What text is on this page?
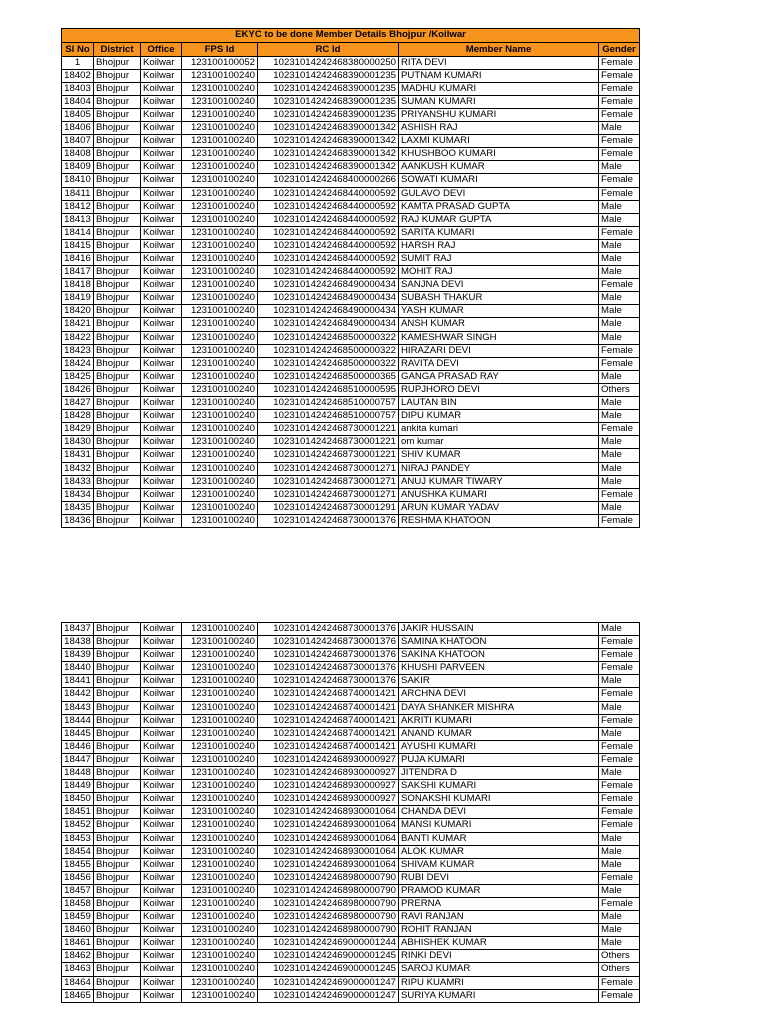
EKYC to be done Member Details Bhojpur /Koilwar						
Sl No	District	Office	FPS Id	RC Id	Member Name	Gender
1	Bhojpur	Koilwar	123100100052	10231014242468380000250	RITA DEVI	Female
18402	Bhojpur	Koilwar	123100100240	10231014242468390001235	PUTNAM KUMARI	Female
18403	Bhojpur	Koilwar	123100100240	10231014242468390001235	MADHU KUMARI	Female
18404	Bhojpur	Koilwar	123100100240	10231014242468390001235	SUMAN KUMARI	Female
18405	Bhojpur	Koilwar	123100100240	10231014242468390001235	PRIYANSHU KUMARI	Female
18406	Bhojpur	Koilwar	123100100240	10231014242468390001342	ASHISH RAJ	Male
18407	Bhojpur	Koilwar	123100100240	10231014242468390001342	LAXMI KUMARI	Female
18408	Bhojpur	Koilwar	123100100240	10231014242468390001342	KHUSHBOO KUMARI	Female
18409	Bhojpur	Koilwar	123100100240	10231014242468390001342	AANKUSH KUMAR	Male
18410	Bhojpur	Koilwar	123100100240	10231014242468400000266	SOWATI KUMARI	Female
18411	Bhojpur	Koilwar	123100100240	10231014242468440000592	GULAVO DEVI	Female
18412	Bhojpur	Koilwar	123100100240	10231014242468440000592	KAMTA PRASAD GUPTA	Male
18413	Bhojpur	Koilwar	123100100240	10231014242468440000592	RAJ KUMAR GUPTA	Male
18414	Bhojpur	Koilwar	123100100240	10231014242468440000592	SARITA KUMARI	Female
18415	Bhojpur	Koilwar	123100100240	10231014242468440000592	HARSH RAJ	Male
18416	Bhojpur	Koilwar	123100100240	10231014242468440000592	SUMIT RAJ	Male
18417	Bhojpur	Koilwar	123100100240	10231014242468440000592	MOHIT RAJ	Male
18418	Bhojpur	Koilwar	123100100240	10231014242468490000434	SANJNA DEVI	Female
18419	Bhojpur	Koilwar	123100100240	10231014242468490000434	SUBASH THAKUR	Male
18420	Bhojpur	Koilwar	123100100240	10231014242468490000434	YASH KUMAR	Male
18421	Bhojpur	Koilwar	123100100240	10231014242468490000434	ANSH KUMAR	Male
18422	Bhojpur	Koilwar	123100100240	10231014242468500000322	KAMESHWAR SINGH	Male
18423	Bhojpur	Koilwar	123100100240	10231014242468500000322	HIRAZARI DEVI	Female
18424	Bhojpur	Koilwar	123100100240	10231014242468500000322	RAVITA DEVI	Female
18425	Bhojpur	Koilwar	123100100240	10231014242468500000365	GANGA PRASAD RAY	Male
18426	Bhojpur	Koilwar	123100100240	10231014242468510000595	RUPJHORO DEVI	Others
18427	Bhojpur	Koilwar	123100100240	10231014242468510000757	LAUTAN BIN	Male
18428	Bhojpur	Koilwar	123100100240	10231014242468510000757	DIPU KUMAR	Male
18429	Bhojpur	Koilwar	123100100240	10231014242468730001221	ankita kumari	Female
18430	Bhojpur	Koilwar	123100100240	10231014242468730001221	om kumar	Male
18431	Bhojpur	Koilwar	123100100240	10231014242468730001221	SHIV KUMAR	Male
18432	Bhojpur	Koilwar	123100100240	10231014242468730001271	NIRAJ PANDEY	Male
18433	Bhojpur	Koilwar	123100100240	10231014242468730001271	ANUJ KUMAR TIWARY	Male
18434	Bhojpur	Koilwar	123100100240	10231014242468730001271	ANUSHKA KUMARI	Female
18435	Bhojpur	Koilwar	123100100240	10231014242468730001291	ARUN KUMAR YADAV	Male
18436	Bhojpur	Koilwar	123100100240	10231014242468730001376	RESHMA KHATOON	Female
18437	Bhojpur	Koilwar	123100100240	10231014242468730001376	JAKIR HUSSAIN	Male
18438	Bhojpur	Koilwar	123100100240	10231014242468730001376	SAMINA KHATOON	Female
18439	Bhojpur	Koilwar	123100100240	10231014242468730001376	SAKINA KHATOON	Female
18440	Bhojpur	Koilwar	123100100240	10231014242468730001376	KHUSHI PARVEEN	Female
18441	Bhojpur	Koilwar	123100100240	10231014242468730001376	SAKIR	Male
18442	Bhojpur	Koilwar	123100100240	10231014242468740001421	ARCHNA DEVI	Female
18443	Bhojpur	Koilwar	123100100240	10231014242468740001421	DAYA SHANKER MISHRA	Male
18444	Bhojpur	Koilwar	123100100240	10231014242468740001421	AKRITI KUMARI	Female
18445	Bhojpur	Koilwar	123100100240	10231014242468740001421	ANAND KUMAR	Male
18446	Bhojpur	Koilwar	123100100240	10231014242468740001421	AYUSHI KUMARI	Female
18447	Bhojpur	Koilwar	123100100240	10231014242468930000927	PUJA KUMARI	Female
18448	Bhojpur	Koilwar	123100100240	10231014242468930000927	JITENDRA D	Male
18449	Bhojpur	Koilwar	123100100240	10231014242468930000927	SAKSHI KUMARI	Female
18450	Bhojpur	Koilwar	123100100240	10231014242468930000927	SONAKSHI KUMARI	Female
18451	Bhojpur	Koilwar	123100100240	10231014242468930001064	CHANDA DEVI	Female
18452	Bhojpur	Koilwar	123100100240	10231014242468930001064	MANSI KUMARI	Female
18453	Bhojpur	Koilwar	123100100240	10231014242468930001064	BANTI KUMAR	Male
18454	Bhojpur	Koilwar	123100100240	10231014242468930001064	ALOK KUMAR	Male
18455	Bhojpur	Koilwar	123100100240	10231014242468930001064	SHIVAM KUMAR	Male
18456	Bhojpur	Koilwar	123100100240	10231014242468980000790	RUBI DEVI	Female
18457	Bhojpur	Koilwar	123100100240	10231014242468980000790	PRAMOD KUMAR	Male
18458	Bhojpur	Koilwar	123100100240	10231014242468980000790	PRERNA	Female
18459	Bhojpur	Koilwar	123100100240	10231014242468980000790	RAVI RANJAN	Male
18460	Bhojpur	Koilwar	123100100240	10231014242468980000790	ROHIT RANJAN	Male
18461	Bhojpur	Koilwar	123100100240	10231014242469000001244	ABHISHEK KUMAR	Male
18462	Bhojpur	Koilwar	123100100240	10231014242469000001245	RINKI DEVI	Others
18463	Bhojpur	Koilwar	123100100240	10231014242469000001245	SAROJ KUMAR	Others
18464	Bhojpur	Koilwar	123100100240	10231014242469000001247	RIPU KUAMRI	Female
18465	Bhojpur	Koilwar	123100100240	10231014242469000001247	SURIYA KUMARI	Female
